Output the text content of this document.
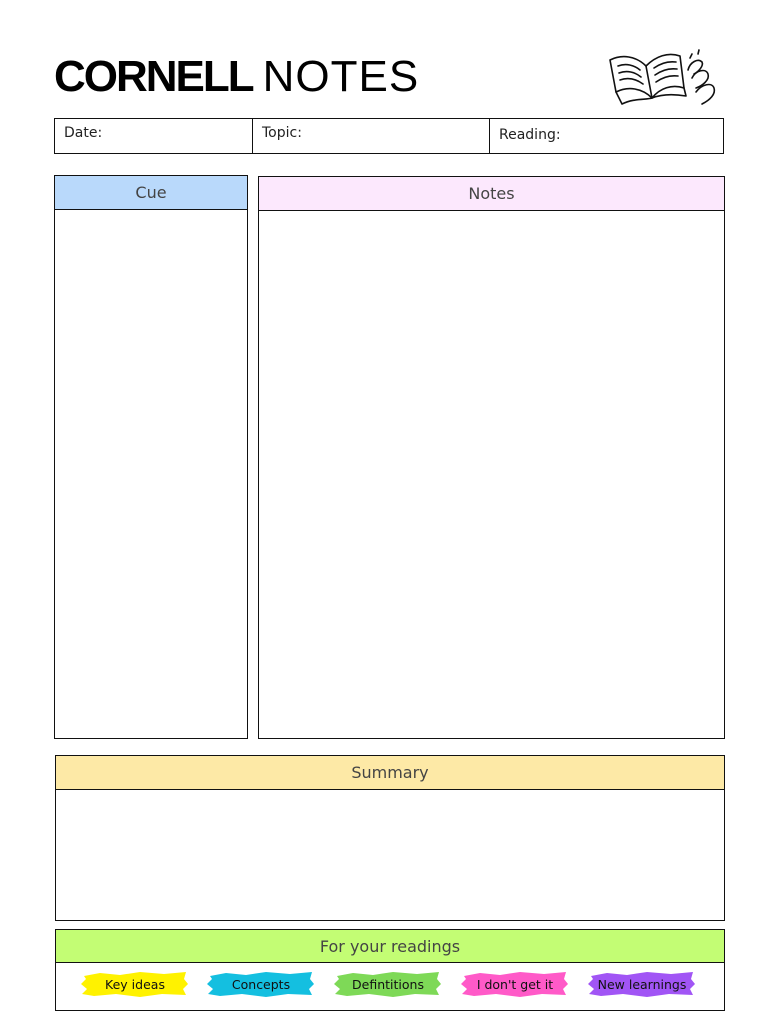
CORNELL NOTES
Date:	Topic:	Reading:
Cue	Notes
Summary
For your readings
Key ideas	Concepts	Defintitions	I don't get it	New learnings
